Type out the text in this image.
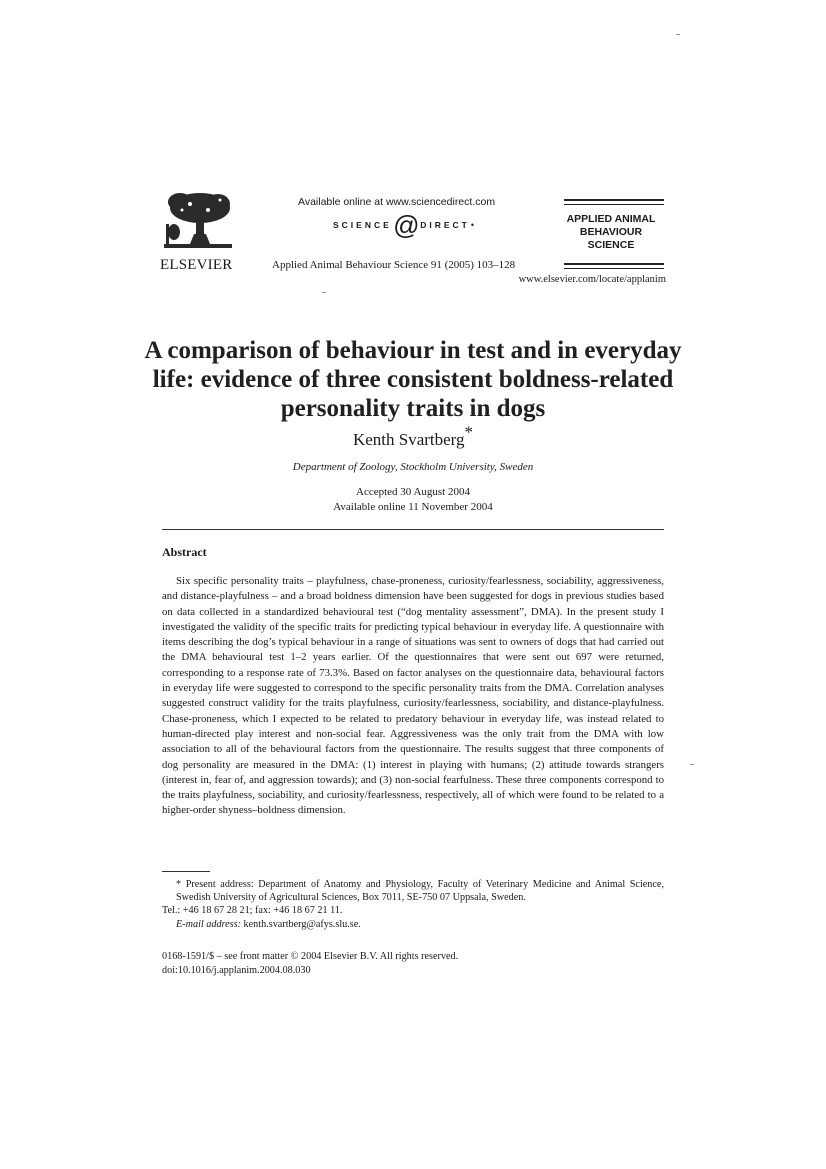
ELSEVIER
Available online at www.sciencedirect.com
SCIENCE @ DIRECT •
Applied Animal Behaviour Science 91 (2005) 103–128
APPLIED ANIMAL
BEHAVIOUR
SCIENCE
www.elsevier.com/locate/applanim
A comparison of behaviour in test and in everyday
life: evidence of three consistent boldness-related
personality traits in dogs
Kenth Svartberg*
Department of Zoology, Stockholm University, Sweden
Accepted 30 August 2004
Available online 11 November 2004
Abstract
Six specific personality traits – playfulness, chase-proneness, curiosity/fearlessness, sociability, aggressiveness, and distance-playfulness – and a broad boldness dimension have been suggested for dogs in previous studies based on data collected in a standardized behavioural test (“dog mentality assessment”, DMA). In the present study I investigated the validity of the specific traits for predicting typical behaviour in everyday life. A questionnaire with items describing the dog’s typical behaviour in a range of situations was sent to owners of dogs that had carried out the DMA behavioural test 1–2 years earlier. Of the questionnaires that were sent out 697 were returned, corresponding to a response rate of 73.3%. Based on factor analyses on the questionnaire data, behavioural factors in everyday life were suggested to correspond to the specific personality traits from the DMA. Correlation analyses suggested construct validity for the traits playfulness, curiosity/fearlessness, sociability, and distance-playfulness. Chase-proneness, which I expected to be related to predatory behaviour in everyday life, was instead related to human-directed play interest and non-social fear. Aggressiveness was the only trait from the DMA with low association to all of the behavioural factors from the questionnaire. The results suggest that three components of dog personality are measured in the DMA: (1) interest in playing with humans; (2) attitude towards strangers (interest in, fear of, and aggression towards); and (3) non-social fearfulness. These three components correspond to the traits playfulness, sociability, and curiosity/fearlessness, respectively, all of which were found to be related to a higher-order shyness–boldness dimension.

* Present address: Department of Anatomy and Physiology, Faculty of Veterinary Medicine and Animal Science, Swedish University of Agricultural Sciences, Box 7011, SE-750 07 Uppsala, Sweden.

Tel.: +46 18 67 28 21; fax: +46 18 67 21 11.

E-mail address: kenth.svartberg@afys.slu.se.

0168-1591/$ – see front matter © 2004 Elsevier B.V. All rights reserved.

doi:10.1016/j.applanim.2004.08.030
